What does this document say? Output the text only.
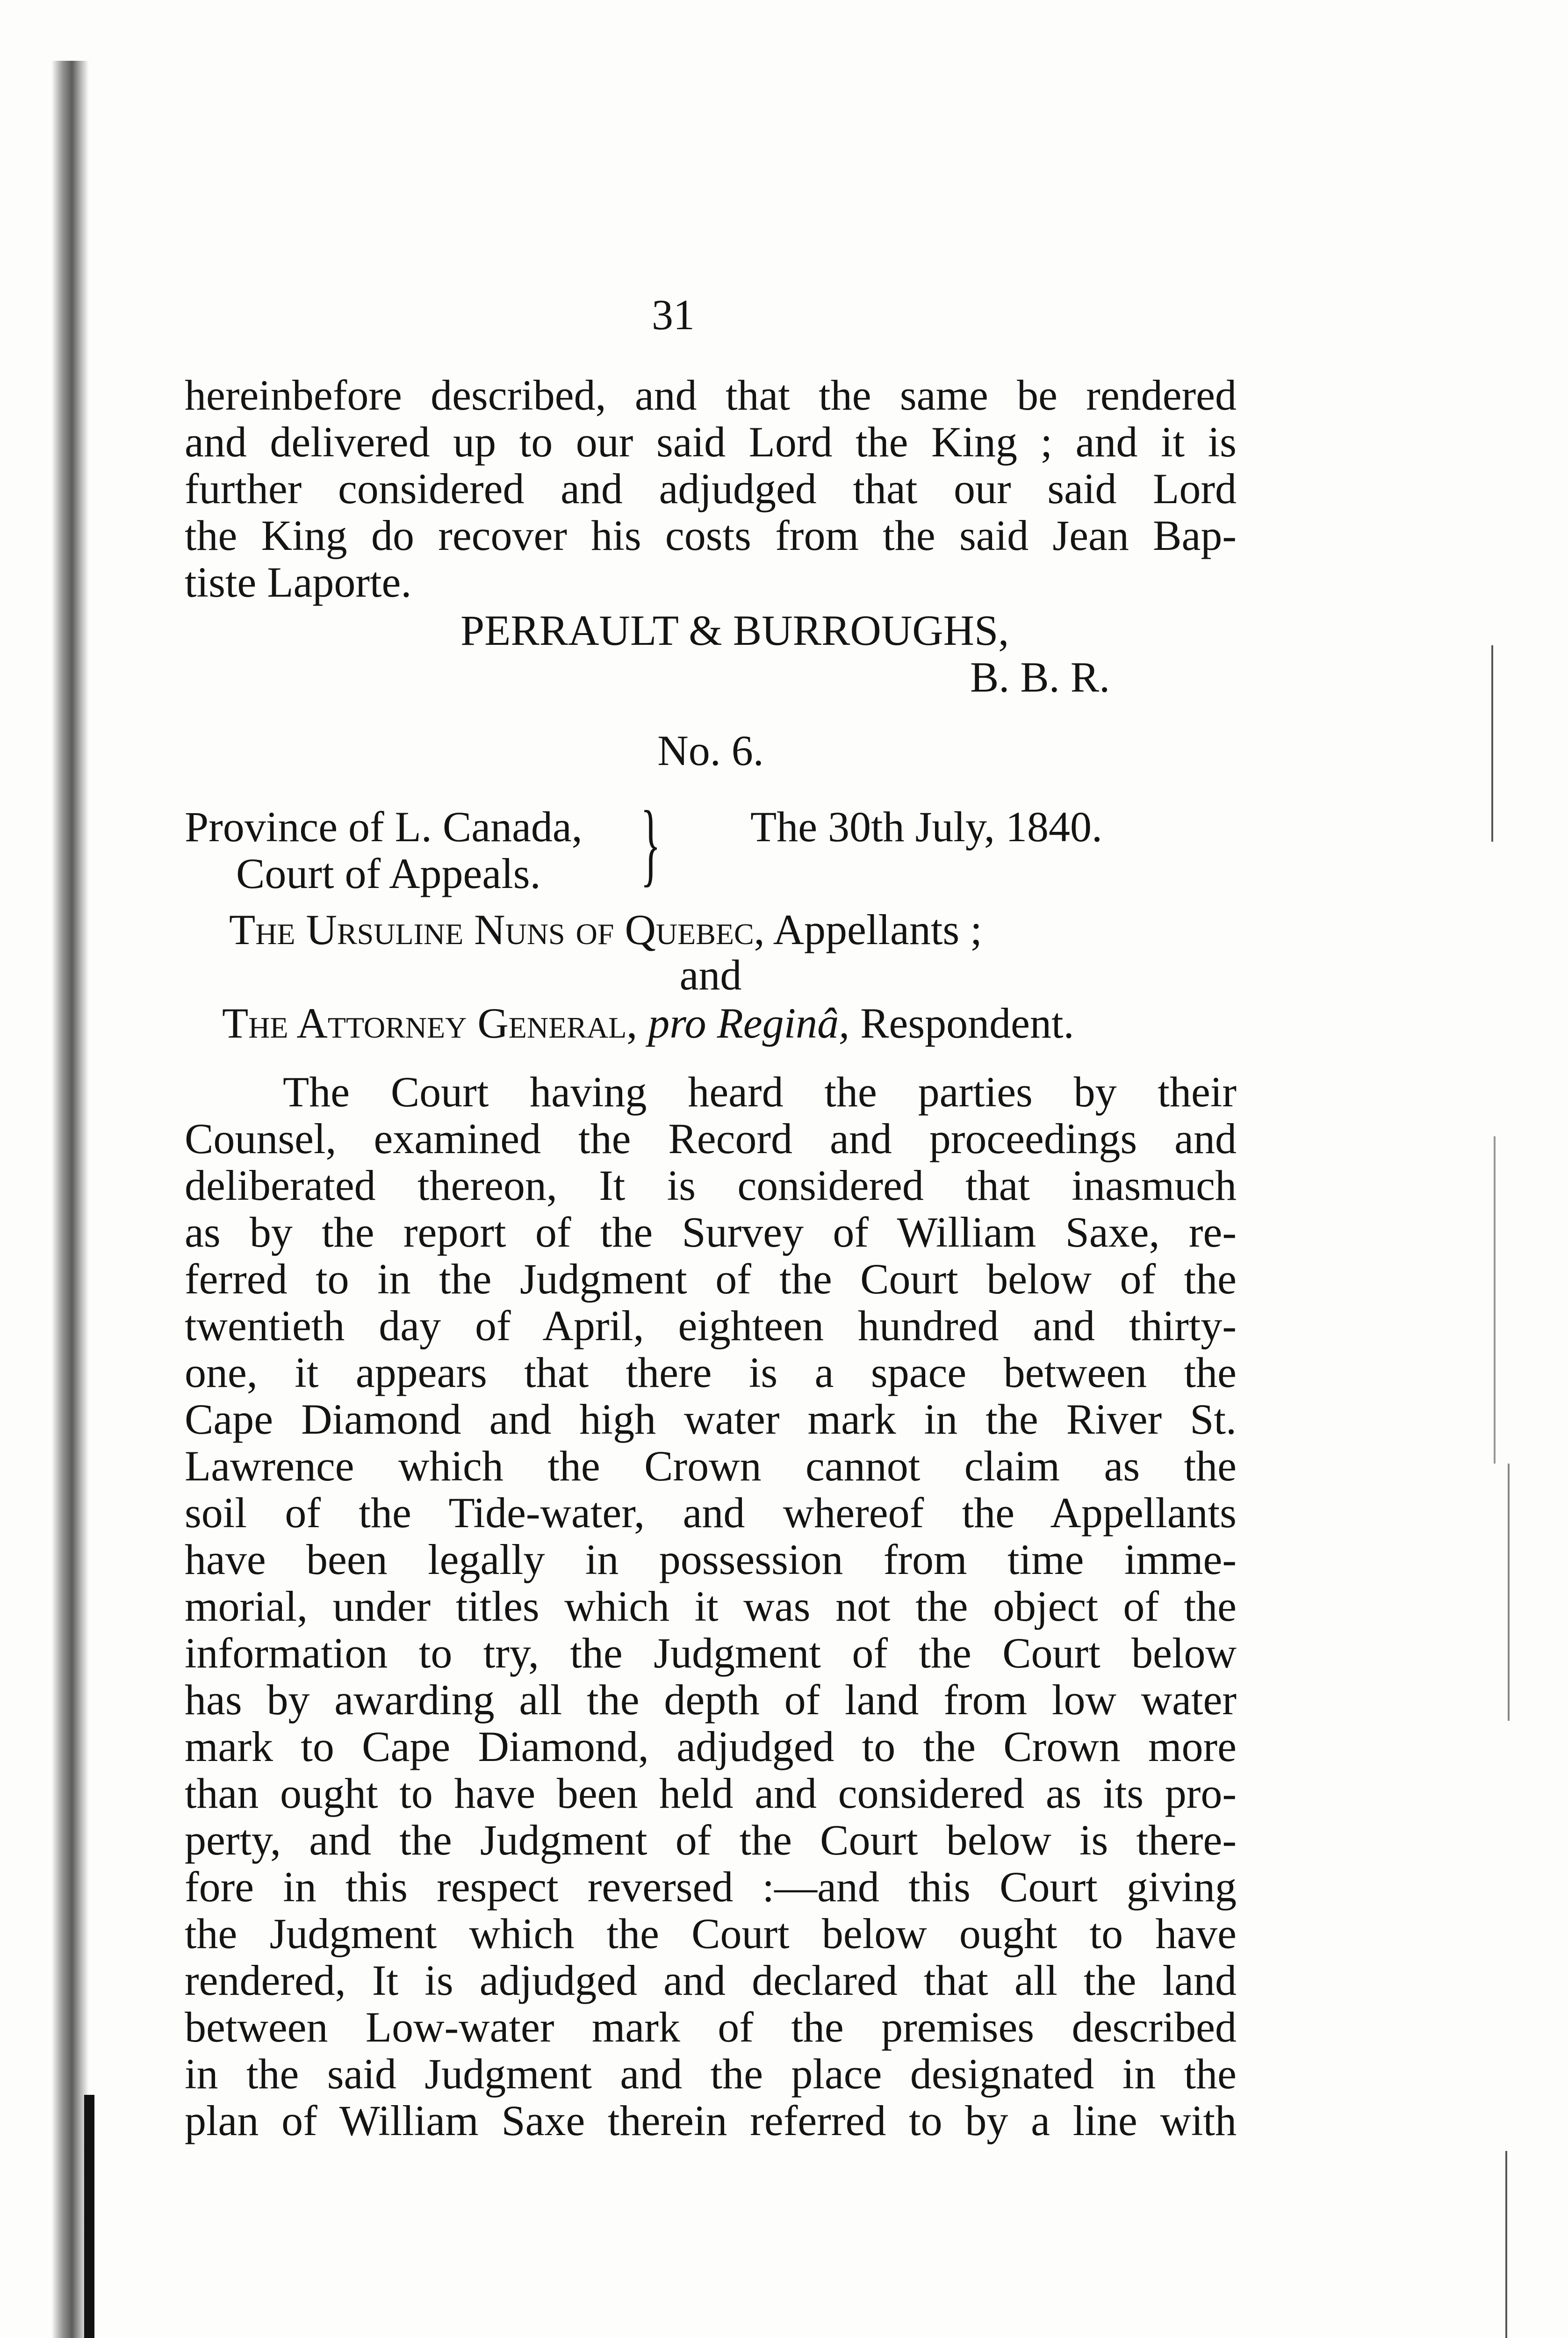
31
hereinbefore described, and that the same be rendered
and delivered up to our said Lord the King ; and it is
further considered and adjudged that our said Lord
the King do recover his costs from the said Jean Bap-
tiste Laporte.
PERRAULT & BURROUGHS,
B. B. R.
No. 6.
Province of L. Canada,
Court of Appeals. } The 30th July, 1840.
The Ursuline Nuns of Quebec, Appellants ;
and
The Attorney General, pro Reginâ, Respondent.
The Court having heard the parties by their
Counsel, examined the Record and proceedings and
deliberated thereon, It is considered that inasmuch
as by the report of the Survey of William Saxe, re-
ferred to in the Judgment of the Court below of the
twentieth day of April, eighteen hundred and thirty-
one, it appears that there is a space between the
Cape Diamond and high water mark in the River St.
Lawrence which the Crown cannot claim as the
soil of the Tide-water, and whereof the Appellants
have been legally in possession from time imme-
morial, under titles which it was not the object of the
information to try, the Judgment of the Court below
has by awarding all the depth of land from low water
mark to Cape Diamond, adjudged to the Crown more
than ought to have been held and considered as its pro-
perty, and the Judgment of the Court below is there-
fore in this respect reversed :—and this Court giving
the Judgment which the Court below ought to have
rendered, It is adjudged and declared that all the land
between Low-water mark of the premises described
in the said Judgment and the place designated in the
plan of William Saxe therein referred to by a line with
